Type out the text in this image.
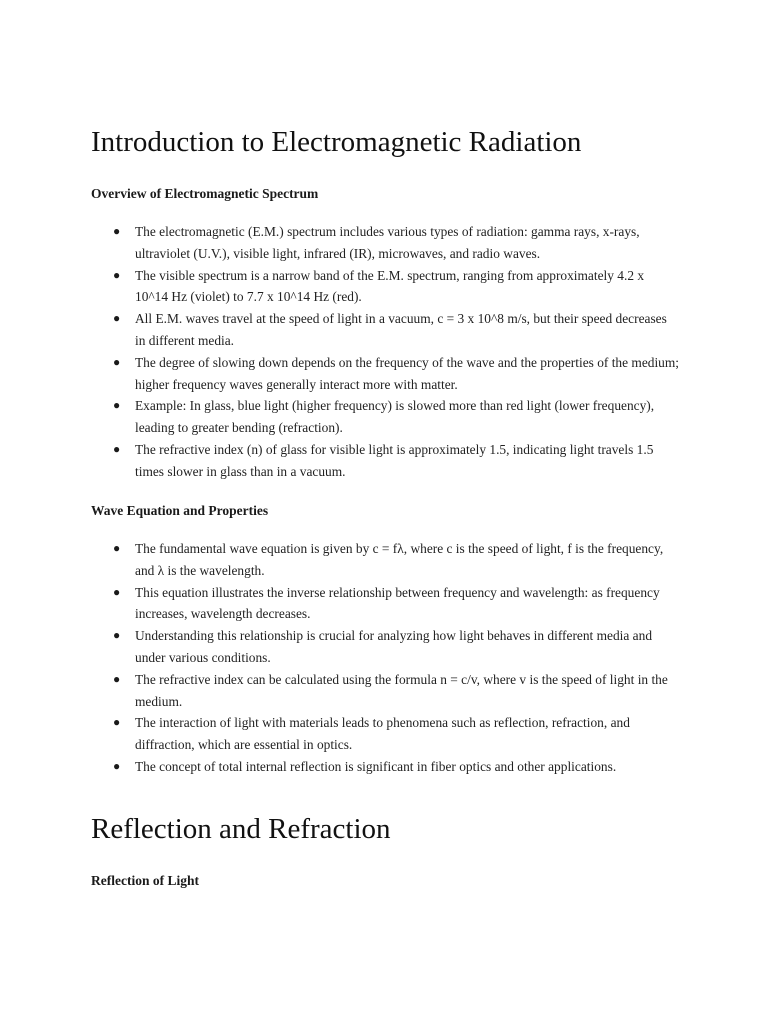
Introduction to Electromagnetic Radiation
Overview of Electromagnetic Spectrum
● The electromagnetic (E.M.) spectrum includes various types of radiation: gamma rays, x-rays, ultraviolet (U.V.), visible light, infrared (IR), microwaves, and radio waves.
● The visible spectrum is a narrow band of the E.M. spectrum, ranging from approximately 4.2 x 10^14 Hz (violet) to 7.7 x 10^14 Hz (red).
● All E.M. waves travel at the speed of light in a vacuum, c = 3 x 10^8 m/s, but their speed decreases in different media.
● The degree of slowing down depends on the frequency of the wave and the properties of the medium; higher frequency waves generally interact more with matter.
● Example: In glass, blue light (higher frequency) is slowed more than red light (lower frequency), leading to greater bending (refraction).
● The refractive index (n) of glass for visible light is approximately 1.5, indicating light travels 1.5 times slower in glass than in a vacuum.
Wave Equation and Properties
● The fundamental wave equation is given by c = fλ, where c is the speed of light, f is the frequency, and λ is the wavelength.
● This equation illustrates the inverse relationship between frequency and wavelength: as frequency increases, wavelength decreases.
● Understanding this relationship is crucial for analyzing how light behaves in different media and under various conditions.
● The refractive index can be calculated using the formula n = c/v, where v is the speed of light in the medium.
● The interaction of light with materials leads to phenomena such as reflection, refraction, and diffraction, which are essential in optics.
● The concept of total internal reflection is significant in fiber optics and other applications.
Reflection and Refraction
Reflection of Light
